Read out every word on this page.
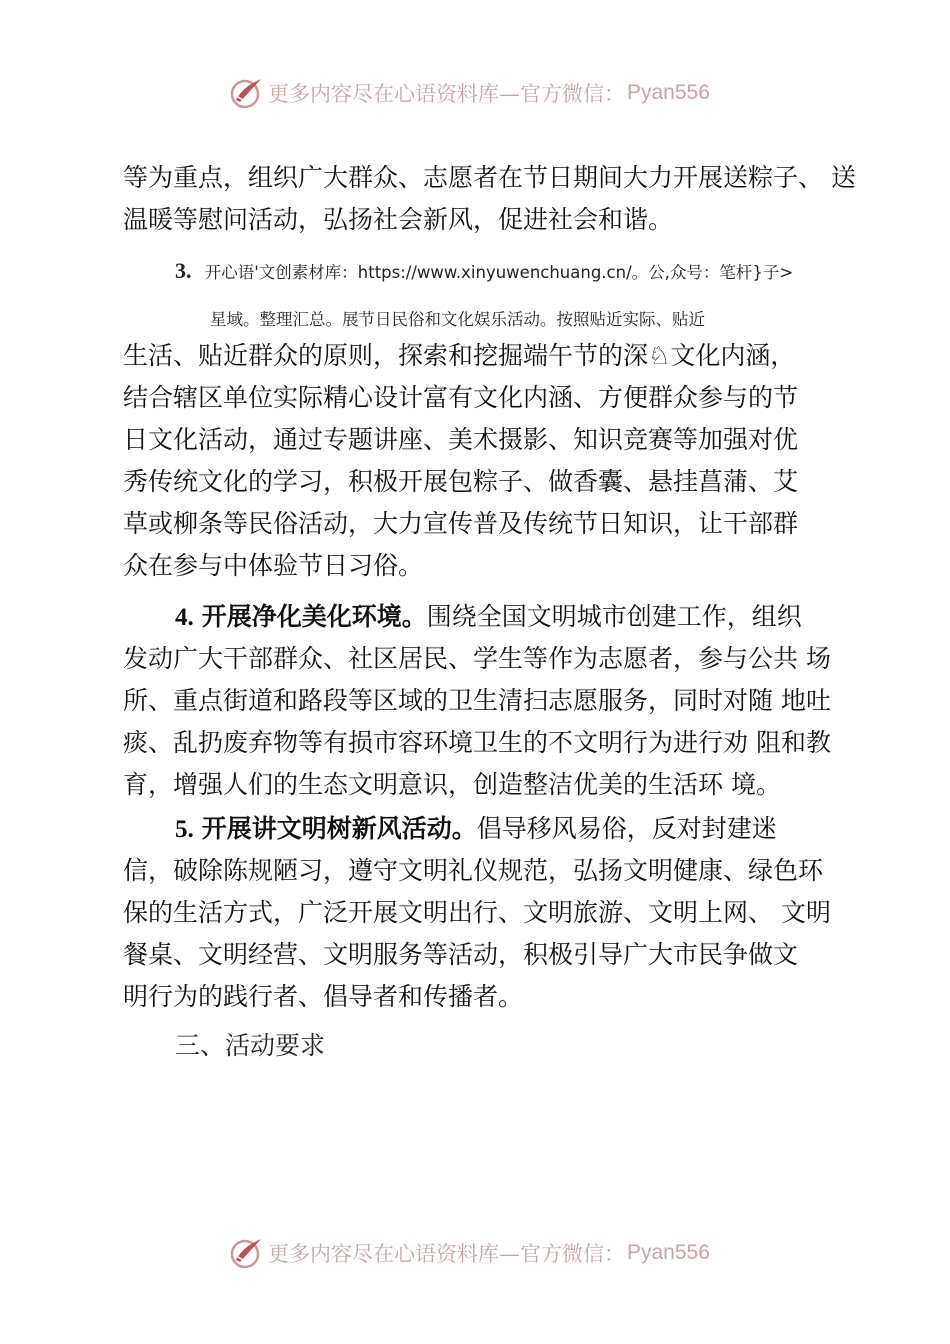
更多内容尽在心语资料库—官方微信： Pyan556
等为重点，组织广大群众、志愿者在节日期间大力开展送粽子、 送
温暖等慰问活动，弘扬社会新风，促进社会和谐。
3. 开心语'文创素材库：https://www.xinyuwenchuang.cn/。公,众号：笔杆}子>
星域。整理汇总。展节日民俗和文化娱乐活动。按照贴近实际、贴近
生活、贴近群众的原则，探索和挖掘端午节的深♘文化内涵，
结合辖区单位实际精心设计富有文化内涵、方便群众参与的节
日文化活动，通过专题讲座、美术摄影、知识竞赛等加强对优
秀传统文化的学习，积极开展包粽子、做香囊、悬挂菖蒲、艾
草或柳条等民俗活动，大力宣传普及传统节日知识，让干部群
众在参与中体验节日习俗。
4. 开展净化美化环境。围绕全国文明城市创建工作，组织
发动广大干部群众、社区居民、学生等作为志愿者，参与公共 场
所、重点街道和路段等区域的卫生清扫志愿服务，同时对随 地吐
痰、乱扔废弃物等有损市容环境卫生的不文明行为进行劝 阻和教
育，增强人们的生态文明意识，创造整洁优美的生活环 境。
5. 开展讲文明树新风活动。倡导移风易俗，反对封建迷
信，破除陈规陋习，遵守文明礼仪规范，弘扬文明健康、绿色环
保的生活方式，广泛开展文明出行、文明旅游、文明上网、 文明
餐桌、文明经营、文明服务等活动，积极引导广大市民争做文
明行为的践行者、倡导者和传播者。
三、活动要求
更多内容尽在心语资料库—官方微信： Pyan556
